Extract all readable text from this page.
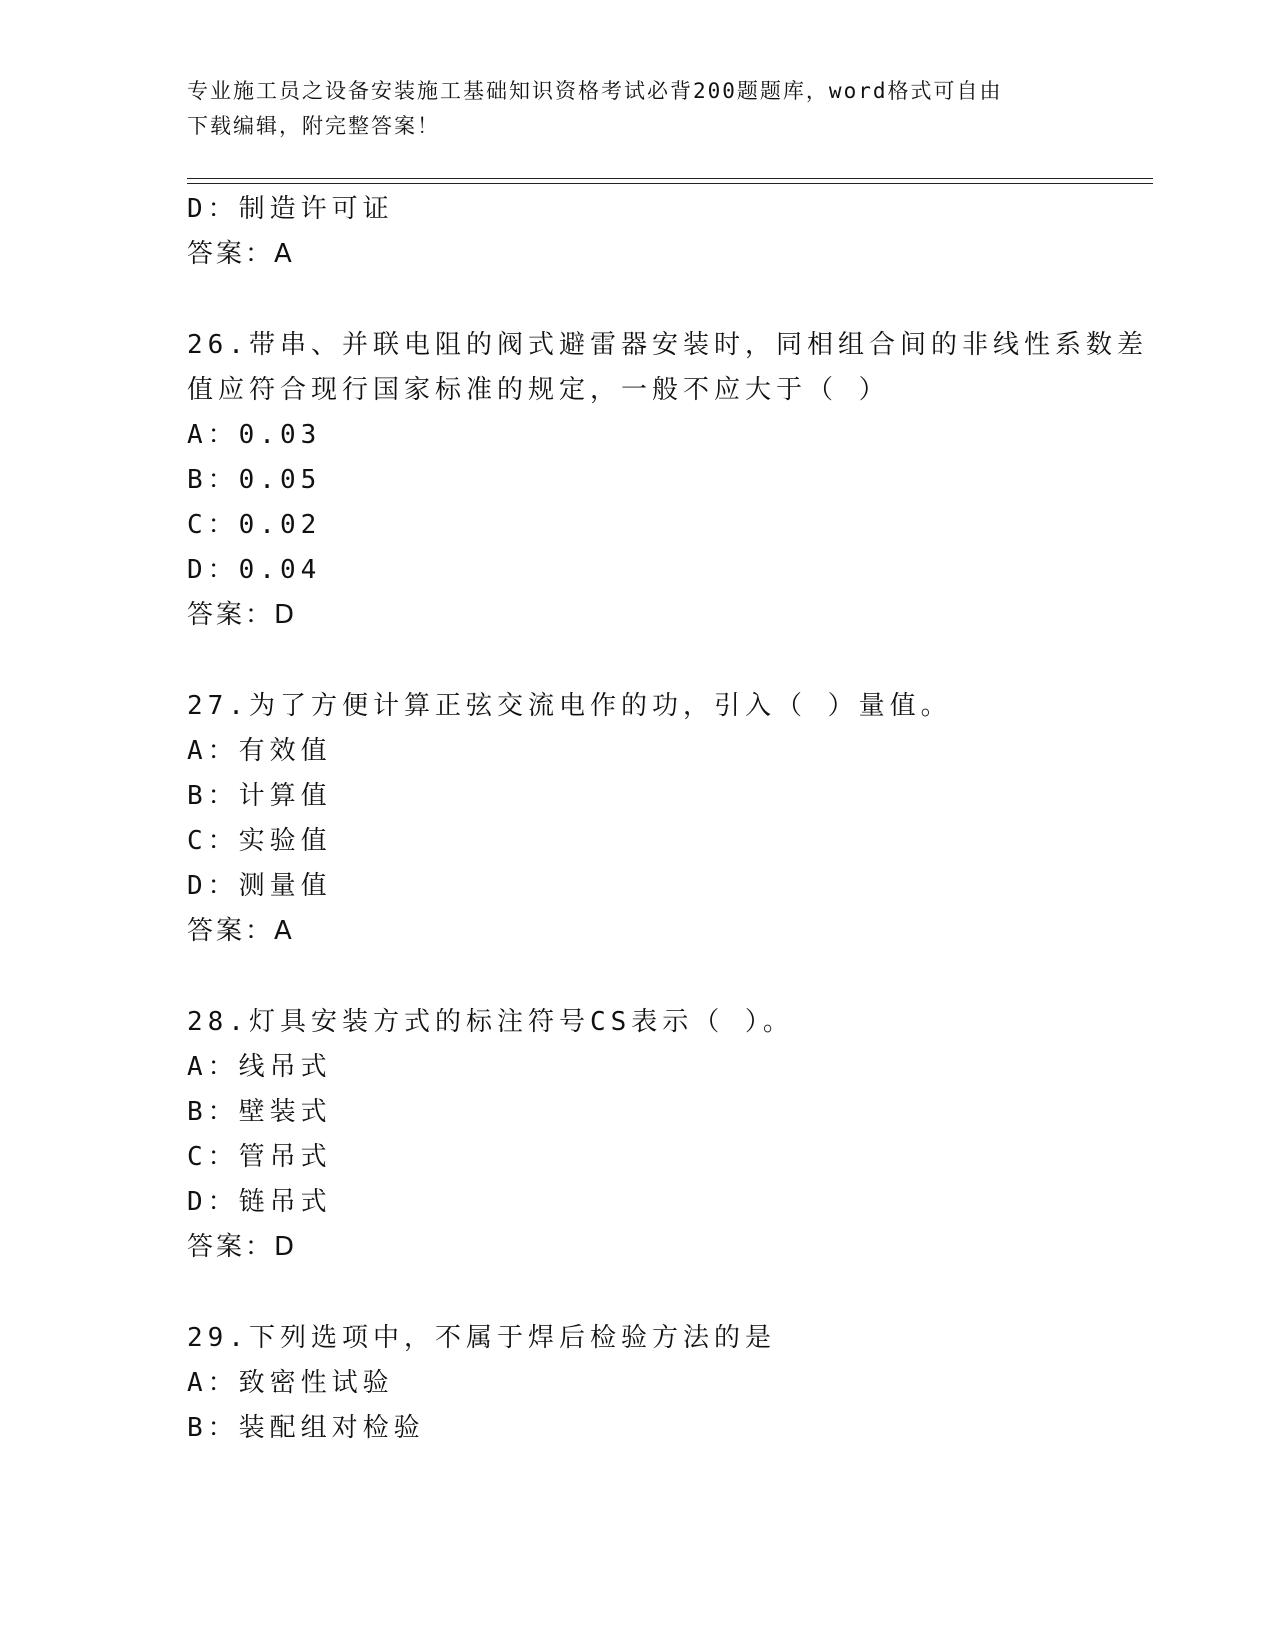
专业施工员之设备安装施工基础知识资格考试必背200题题库，word格式可自由
下载编辑，附完整答案！
D：制造许可证
答案：A
26.带串、并联电阻的阀式避雷器安装时，同相组合间的非线性系数差
值应符合现行国家标准的规定，一般不应大于（ ）
A：0.03
B：0.05
C：0.02
D：0.04
答案：D
27.为了方便计算正弦交流电作的功，引入（ ）量值。
A：有效值
B：计算值
C：实验值
D：测量值
答案：A
28.灯具安装方式的标注符号CS表示（ ）。
A：线吊式
B：壁装式
C：管吊式
D：链吊式
答案：D
29.下列选项中，不属于焊后检验方法的是
A：致密性试验
B：装配组对检验
